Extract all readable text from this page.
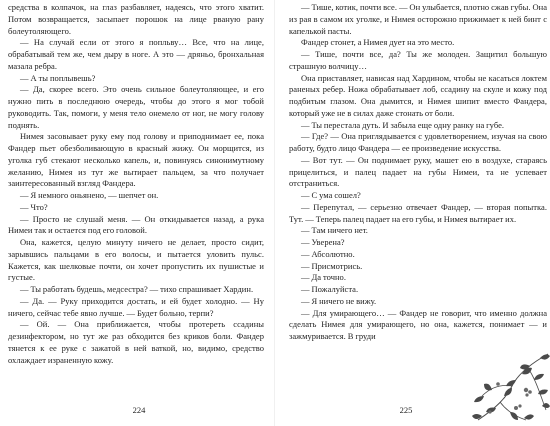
средства в колпачок, на глаз разбавляет, надеясь, что этого хватит. Потом возвращается, засыпает порошок на лице рваную рану болеутоляющего.

— На случай если от этого я попльву… Все, что на лице, обрабатывай тем же, чем дыру в ноге. А это — дряньо, бронхальная мазала ребра.

— А ты поплывешь?

— Да, скорее всего. Это очень сильное болеутоляющее, и его нужно пить в последнюю очередь, чтобы до этого я мог тобой руководить. Так, помоги, у меня тело онемело от ног, не могу голову поднять.

Нимея засовывает руку ему под голову и приподнимает ее, пока Фандер пьет обезболивающую в красный жижу. Он морщится, из уголка губ стекают несколько капель, и, повинуясь синонимутному желанию, Нимея из тут же вытирает пальцем, за что получает заинтересованный взгляд Фандера.

— Я немного оньянено, — шепчет он.

— Что?

— Просто не слушай меня. — Он откидывается назад, а рука Нимеи так и остается под его головой.

Она, кажется, целую минуту ничего не делает, просто сидит, зарывшись пальцами в его волосы, и пытается уловить пульс. Кажется, как шелковые почти, он хочет пропустить их пушистые и густые.

— Ты работать будешь, медсестра? — тихо спрашивает Хардин.

— Да. — Руку приходится достать, и ей будет холодно. — Ну ничего, сейчас тебе явно лучше. — Будет больно, терпи?

— Ой. — Она приближается, чтобы протереть ссадины дезинфектором, но тут же раз обходится без криков боли. Фандер тянется к ее руке с зажатой в ней ваткой, но, видимо, средство охлаждает израненную кожу.

224

— Тише, котик, почти все. — Он улыбается, плотно сжав губы. Она из рая в самом их уголке, и Нимея осторожно прижимает к ней бинт с капелькой пасты.

Фандер стонет, а Нимея дует на это место.

— Тише, почти все, да? Ты же молоден. Защитил большую страшную волчицу…

Она приставляет, нависая над Хардином, чтобы не касаться локтем раненых ребер. Ножа обрабатывает лоб, ссадину на скуле и кожу под подбитым глазом. Она дымится, и Нимея шипит вместо Фандера, который уже не в силах даже стонать от боли.

— Ты перестала дуть. И забыла еще одну ранку на губе.

— Где? — Она приглядывается с удовлетворением, изучая на свою работу, будто лицо Фандера — ее произведение искусства.

— Вот тут. — Он поднимает руку, машет ею в воздухе, стараясь прицелиться, и палец падает на губы Нимеи, та не успевает отстраниться.

— С ума сошел?

— Перепутал, — серьезно отвечает Фандер, — вторая попытка. Тут. — Теперь палец падает на его губы, и Нимея вытирает их.

— Там ничего нет.

— Уверена?

— Абсолютно.

— Присмотрись.

— Да точно.

— Пожалуйста.

— Я ничего не вижу.

— Для умирающего… — Фандер не говорит, что именно должна сделать Нимея для умирающего, но она, кажется, понимает — и зажмуривается. В груди

225
